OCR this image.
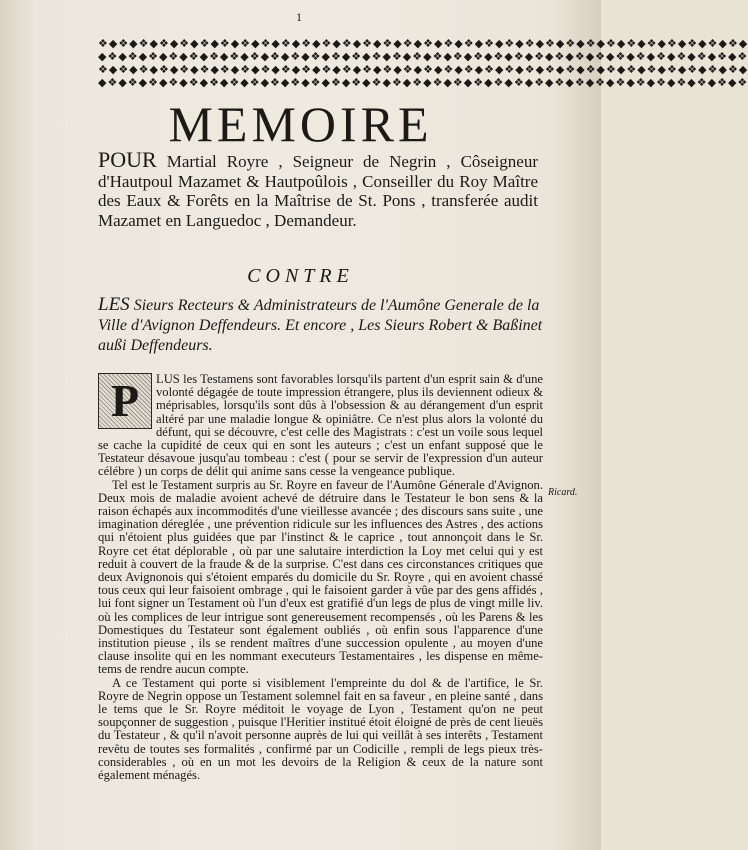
1
❖◆❖◆❖◆❖◆❖◆❖◆❖◆❖◆❖◆❖◆❖◆❖◆❖◆❖◆❖◆❖◆❖◆❖◆❖◆❖◆❖◆❖◆❖◆❖◆❖◆❖◆❖◆❖◆❖◆❖◆❖◆❖◆
◆❖◆❖◆❖◆❖◆❖◆❖◆❖◆❖◆❖◆❖◆❖◆❖◆❖◆❖◆❖◆❖◆❖◆❖◆❖◆❖◆❖◆❖◆❖◆❖◆❖◆❖◆❖◆❖◆❖◆❖◆❖◆❖
❖◆❖◆❖◆❖◆❖◆❖◆❖◆❖◆❖◆❖◆❖◆❖◆❖◆❖◆❖◆❖◆❖◆❖◆❖◆❖◆❖◆❖◆❖◆❖◆❖◆❖◆❖◆❖◆❖◆❖◆❖◆❖◆
◆❖◆❖◆❖◆❖◆❖◆❖◆❖◆❖◆❖◆❖◆❖◆❖◆❖◆❖◆❖◆❖◆❖◆❖◆❖◆❖◆❖◆❖◆❖◆❖◆❖◆❖◆❖◆❖◆❖◆❖◆❖◆❖
MEMOIRE
POUR Martial Royre , Seigneur de Negrin , Côseigneur d'Hautpoul Mazamet & Hautpoûlois , Conseiller du Roy Maître des Eaux & Forêts en la Maîtrise de St. Pons , transferée audit Mazamet en Languedoc , Demandeur.
CONTRE
LES Sieurs Recteurs & Administrateurs de l'Aumône Generale de la Ville d'Avignon Deffendeurs. Et encore , Les Sieurs Robert & Baßinet außi Deffendeurs.

P	LUS les Testamens sont favorables lorsqu'ils partent d'un esprit sain & d'une volonté dégagée de toute impression étrangere, plus ils deviennent odieux & méprisables, lorsqu'ils sont dûs à l'obsession & au dérangement d'un esprit altéré par une maladie longue & opiniâtre. Ce n'est plus alors la volonté du défunt, qui se découvre, c'est celle des Magistrats : c'est un voile sous lequel se cache la cupidité de ceux qui en sont les auteurs ; c'est un enfant supposé que le Testateur désavoue jusqu'au tombeau : c'est ( pour se servir de l'expression d'un auteur célébre ) un corps de délit qui anime sans cesse la vengeance publique.

Tel est le Testament surpris au Sr. Royre en faveur de l'Aumône Génerale d'Avignon. Deux mois de maladie avoient achevé de détruire dans le Testateur le bon sens & la raison échapés aux incommodités d'une vieillesse avancée ; des discours sans suite , une imagination déreglée , une prévention ridicule sur les influences des Astres , des actions qui n'étoient plus guidées que par l'instinct & le caprice , tout annonçoit dans le Sr. Royre cet état déplorable , où par une salutaire interdiction la Loy met celui qui y est reduit à couvert de la fraude & de la surprise. C'est dans ces circonstances critiques que deux Avignonois qui s'étoient emparés du domicile du Sr. Royre , qui en avoient chassé tous ceux qui leur faisoient ombrage , qui le faisoient garder à vûe par des gens affidés , lui font signer un Testament où l'un d'eux est gratifié d'un legs de plus de vingt mille liv. où les complices de leur intrigue sont genereusement recompensés , où les Parens & les Domestiques du Testateur sont également oubliés , où enfin sous l'apparence d'une institution pieuse , ils se rendent maîtres d'une succession opulente , au moyen d'une clause insolite qui en les nommant executeurs Testamentaires , les dispense en même-tems de rendre aucun compte.

A ce Testament qui porte si visiblement l'empreinte du dol & de l'artifice, le Sr. Royre de Negrin oppose un Testament solemnel fait en sa faveur , en pleine santé , dans le tems que le Sr. Royre méditoit le voyage de Lyon , Testament qu'on ne peut soupçonner de suggestion , puisque l'Heritier institué étoit éloigné de près de cent lieuës du Testateur , & qu'il n'avoit personne auprès de lui qui veillât à ses interêts , Testament revêtu de toutes ses formalités , confirmé par un Codicille , rempli de legs pieux très-considerables , où en un mot les devoirs de la Religion & ceux de la nature sont également ménagés.

Ricard.
